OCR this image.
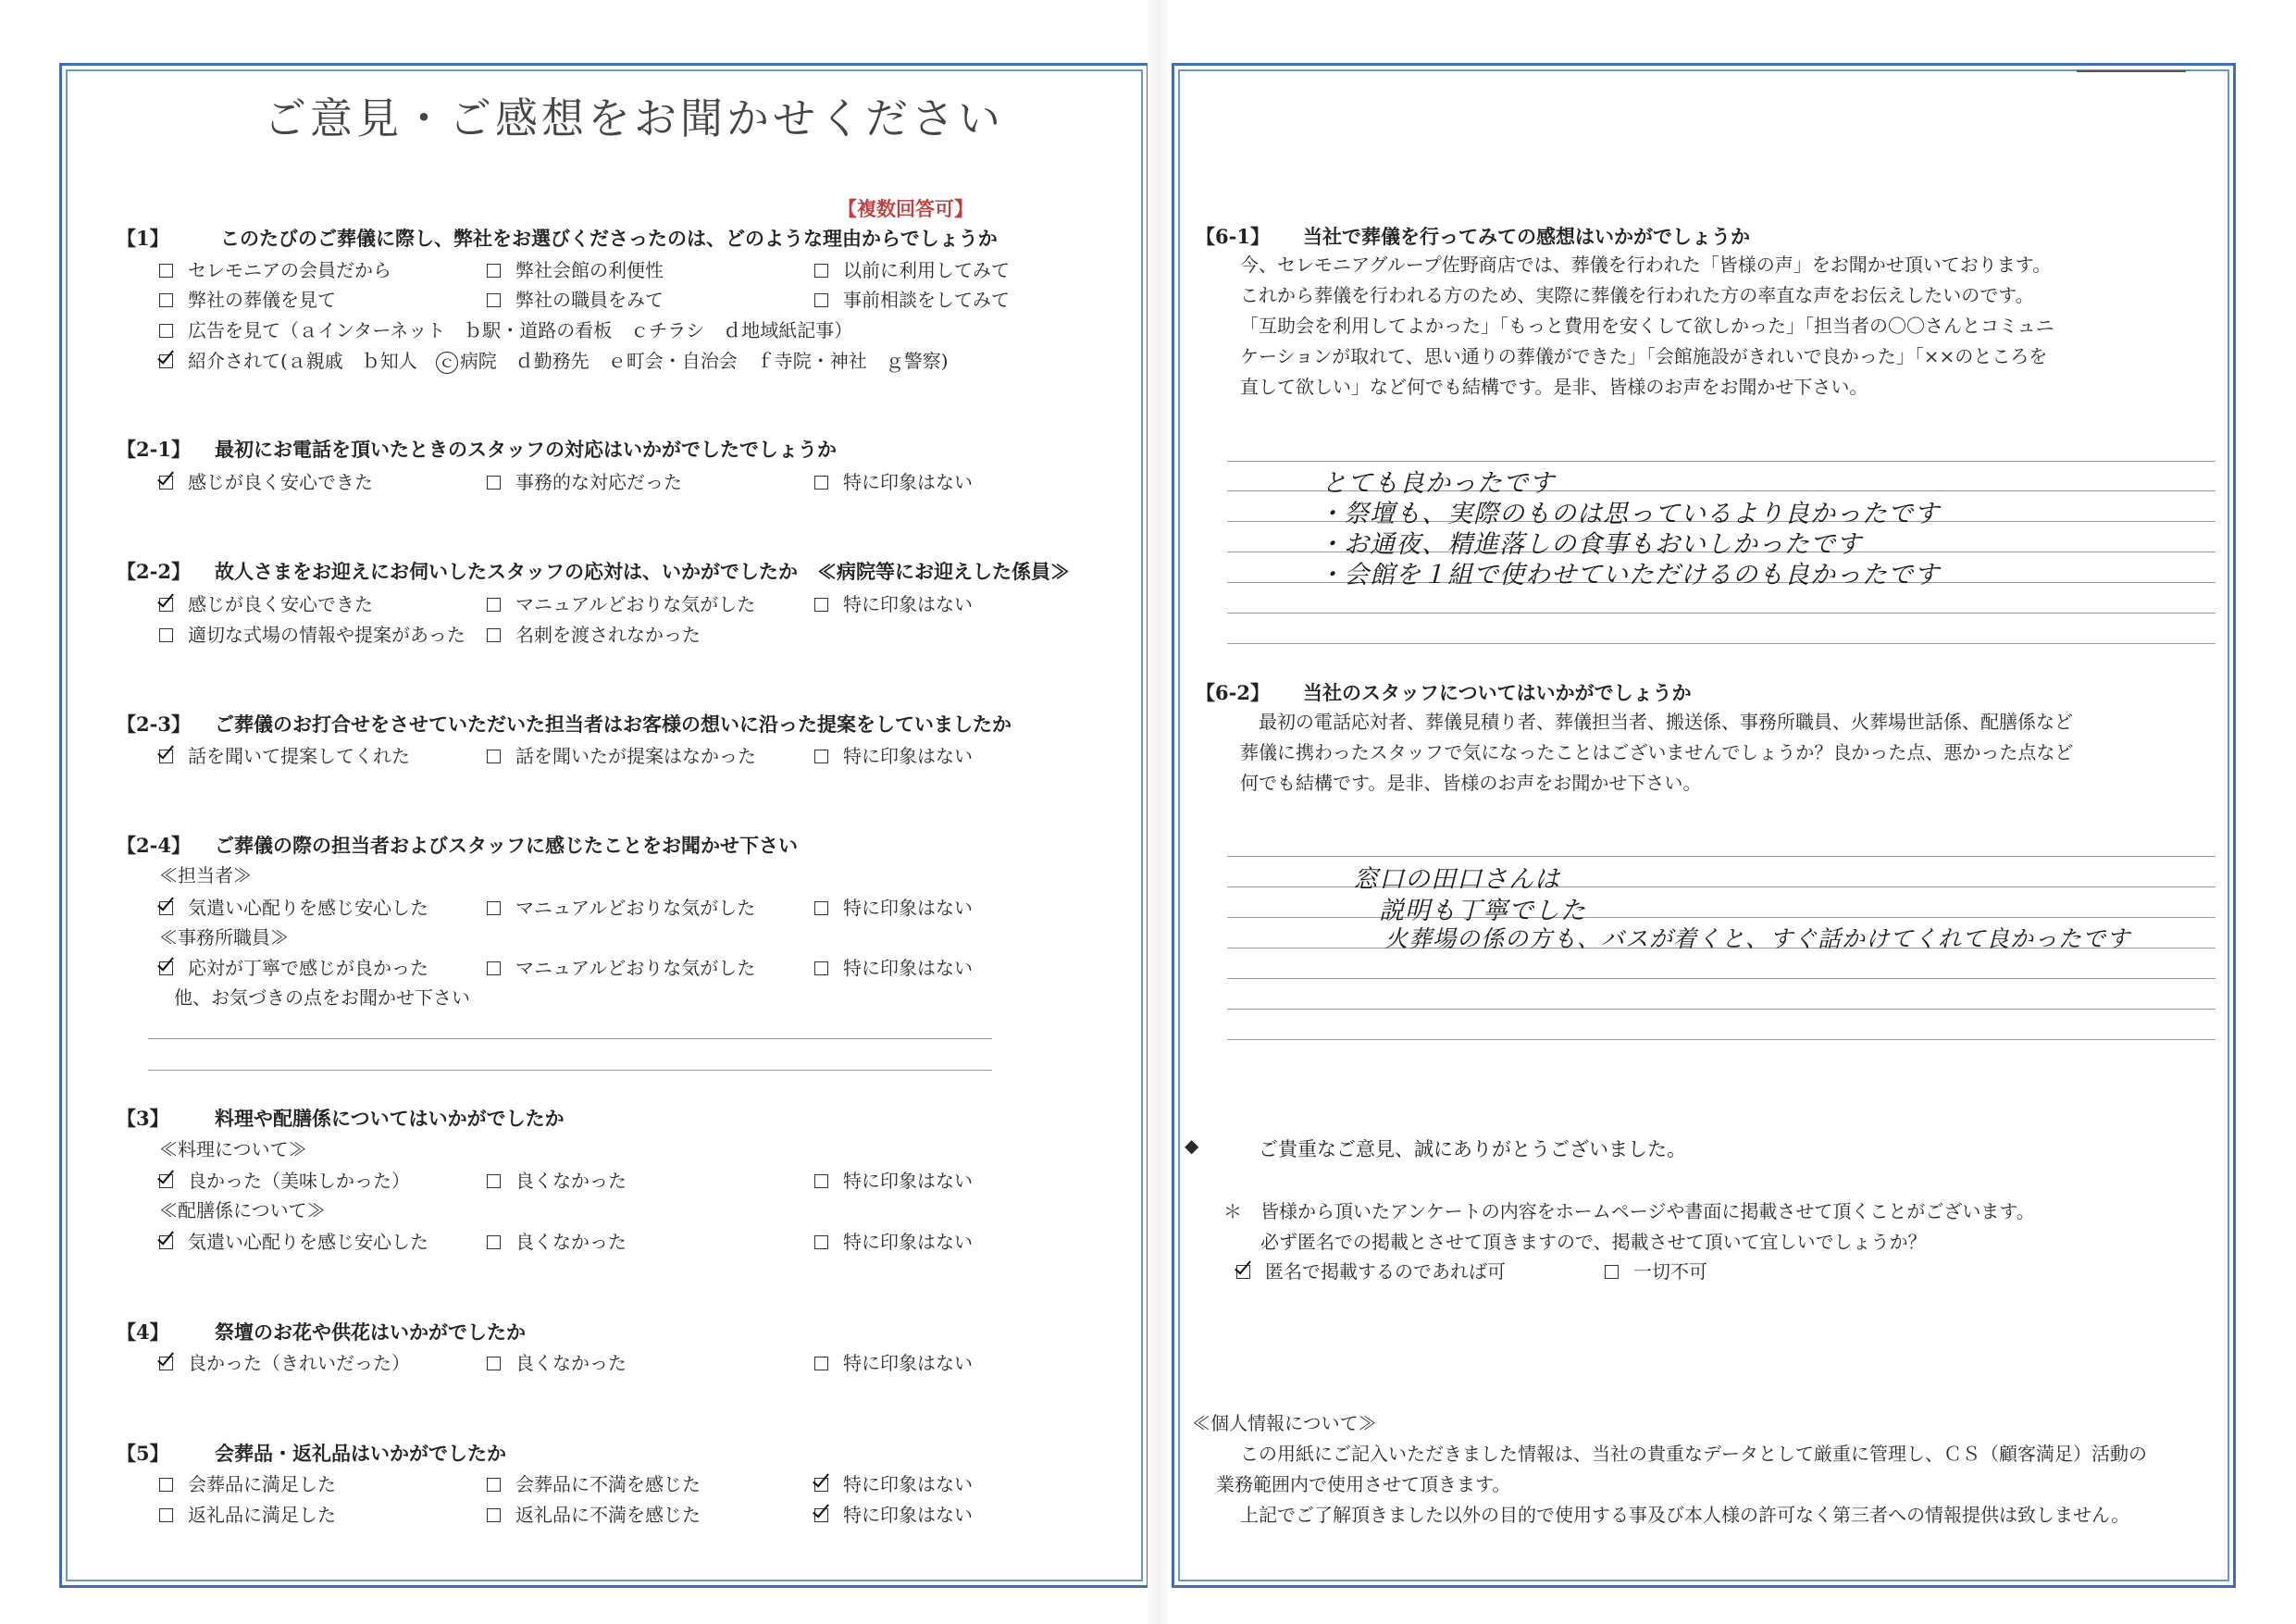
ご意見・ご感想をお聞かせください
【複数回答可】
【1】	このたびのご葬儀に際し、弊社をお選びくださったのは、どのような理由からでしょうか
セレモニアの会員だから	弊社会館の利便性	以前に利用してみて
弊社の葬儀を見て	弊社の職員をみて	事前相談をしてみて
広告を見て（ａインターネット　ｂ駅・道路の看板　ｃチラシ　ｄ地域紙記事）
紹介されて(ａ親戚　ｂ知人　ｃ 病院　ｄ勤務先　ｅ町会・自治会　ｆ寺院・神社　ｇ警察)
【2-1】 最初にお電話を頂いたときのスタッフの対応はいかがでしたでしょうか
感じが良く安心できた	事務的な対応だった	特に印象はない
【2-2】 故人さまをお迎えにお伺いしたスタッフの応対は、いかがでしたか　≪病院等にお迎えした係員≫
感じが良く安心できた	マニュアルどおりな気がした	特に印象はない
適切な式場の情報や提案があった	名刺を渡されなかった
【2-3】 ご葬儀のお打合せをさせていただいた担当者はお客様の想いに沿った提案をしていましたか
話を聞いて提案してくれた	話を聞いたが提案はなかった	特に印象はない
【2-4】 ご葬儀の際の担当者およびスタッフに感じたことをお聞かせ下さい
≪担当者≫
気遣い心配りを感じ安心した	マニュアルどおりな気がした	特に印象はない
≪事務所職員≫
応対が丁寧で感じが良かった	マニュアルどおりな気がした	特に印象はない
他、お気づきの点をお聞かせ下さい
【3】 料理や配膳係についてはいかがでしたか
≪料理について≫
良かった（美味しかった）	良くなかった	特に印象はない
≪配膳係について≫
気遣い心配りを感じ安心した	良くなかった	特に印象はない
【4】 祭壇のお花や供花はいかがでしたか
良かった（きれいだった）	良くなかった	特に印象はない
【5】 会葬品・返礼品はいかがでしたか
会葬品に満足した	会葬品に不満を感じた	特に印象はない
返礼品に満足した	返礼品に不満を感じた	特に印象はない
【6-1】 当社で葬儀を行ってみての感想はいかがでしょうか
今、セレモニアグループ佐野商店では、葬儀を行われた「皆様の声」をお聞かせ頂いております。
これから葬儀を行われる方のため、実際に葬儀を行われた方の率直な声をお伝えしたいのです。
「互助会を利用してよかった」「もっと費用を安くして欲しかった」「担当者の〇〇さんとコミュニ
ケーションが取れて、思い通りの葬儀ができた」「会館施設がきれいで良かった」「××のところを
直して欲しい」など何でも結構です。是非、皆様のお声をお聞かせ下さい。
とても良かったです
・祭壇も、実際のものは思っているより良かったです
・お通夜、精進落しの食事もおいしかったです
・会館を１組で使わせていただけるのも良かったです
【6-2】 当社のスタッフについてはいかがでしょうか
最初の電話応対者、葬儀見積り者、葬儀担当者、搬送係、事務所職員、火葬場世話係、配膳係など
葬儀に携わったスタッフで気になったことはございませんでしょうか？良かった点、悪かった点など
何でも結構です。是非、皆様のお声をお聞かせ下さい。
窓口の田口さんは
説明も丁寧でした
火葬場の係の方も、バスが着くと、すぐ話かけてくれて良かったです
◆	ご貴重なご意見、誠にありがとうございました。
＊ 皆様から頂いたアンケートの内容をホームページや書面に掲載させて頂くことがございます。
必ず匿名での掲載とさせて頂きますので、掲載させて頂いて宜しいでしょうか？
匿名で掲載するのであれば可	一切不可
≪個人情報について≫
この用紙にご記入いただきました情報は、当社の貴重なデータとして厳重に管理し、ＣＳ（顧客満足）活動の
業務範囲内で使用させて頂きます。
上記でご了解頂きました以外の目的で使用する事及び本人様の許可なく第三者への情報提供は致しません。
